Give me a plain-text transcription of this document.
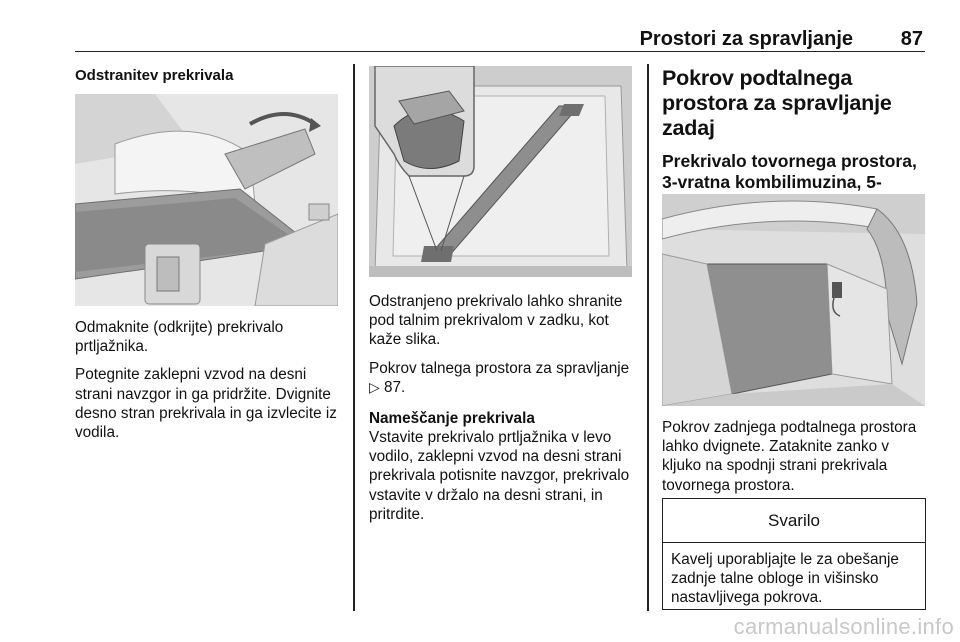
Prostori za spravljanje 87
Odstranitev prekrivala

Odmaknite (odkrijte) prekrivalo prtljažnika.

Potegnite zaklepni vzvod na desni strani navzgor in ga pridržite. Dvignite desno stran prekrivala in ga izvlecite iz vodila.

Odstranjeno prekrivalo lahko shranite pod talnim prekrivalom v zadku, kot kaže slika.

Pokrov talnega prostora za spravljanje ▷ 87.

Nameščanje prekrivala

Vstavite prekrivalo prtljažnika v levo vodilo, zaklepni vzvod na desni strani prekrivala potisnite navzgor, prekrivalo vstavite v držalo na desni strani, in pritrdite.

Pokrov podtalnega prostora za spravljanje zadaj
Prekrivalo tovornega prostora, 3-vratna kombilimuzina, 5-

Pokrov zadnjega podtalnega prostora lahko dvignete. Zataknite zanko v kljuko na spodnji strani prekrivala tovornega prostora.

Svarilo
Kavelj uporabljajte le za obešanje zadnje talne obloge in višinsko nastavljivega pokrova.
carmanualsonline.info
